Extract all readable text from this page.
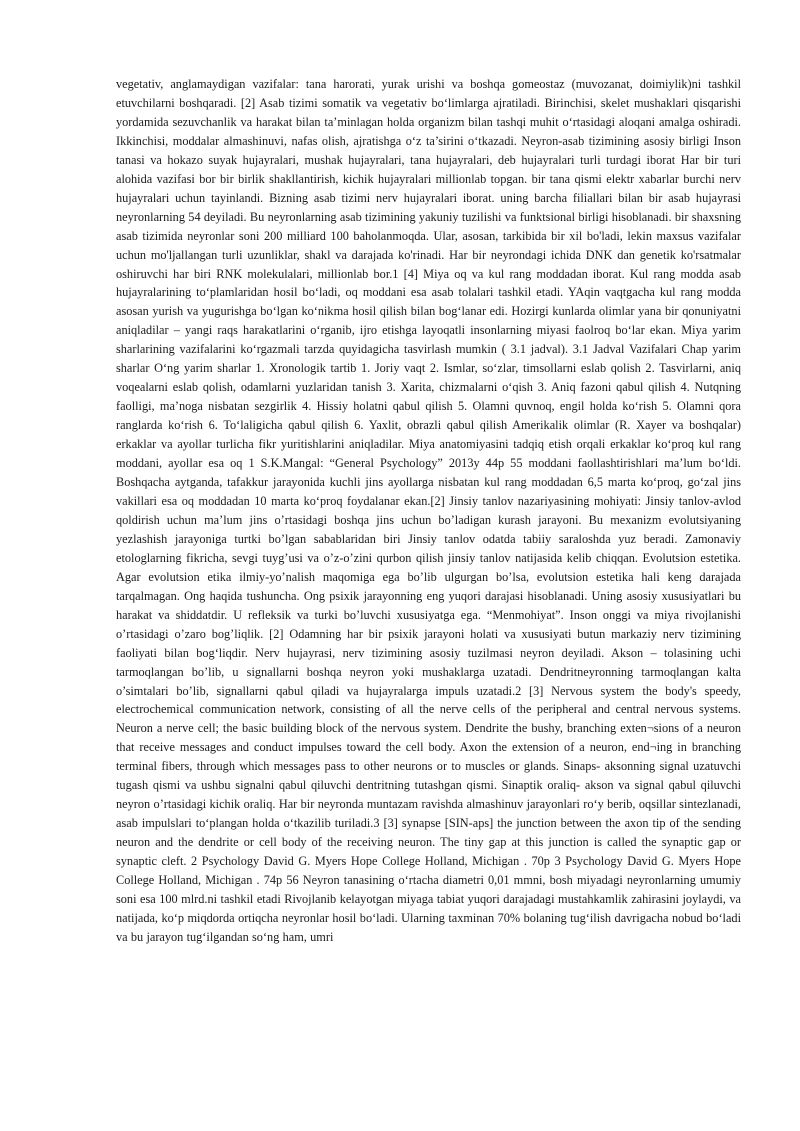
vegetativ, anglamaydigan vazifalar: tana harorati, yurak urishi va boshqa gomeostaz (muvozanat, doimiylik)ni tashkil etuvchilarni boshqaradi. [2] Asab tizimi somatik va vegetativ bo‘limlarga ajratiladi. Birinchisi, skelet mushaklari qisqarishi yordamida sezuvchanlik va harakat bilan ta’minlagan holda organizm bilan tashqi muhit o‘rtasidagi aloqani amalga oshiradi. Ikkinchisi, moddalar almashinuvi, nafas olish, ajratishga o‘z ta’sirini o‘tkazadi. Neyron-asab tizimining asosiy birligi Inson tanasi va hokazo suyak hujayralari, mushak hujayralari, tana hujayralari, deb hujayralari turli turdagi iborat Har bir turi alohida vazifasi bor bir birlik shakllantirish, kichik hujayralari millionlab topgan. bir tana qismi elektr xabarlar burchi nerv hujayralari uchun tayinlandi. Bizning asab tizimi nerv hujayralari iborat. uning barcha filiallari bilan bir asab hujayrasi neyronlarning 54 deyiladi. Bu neyronlarning asab tizimining yakuniy tuzilishi va funktsional birligi hisoblanadi. bir shaxsning asab tizimida neyronlar soni 200 milliard 100 baholanmoqda. Ular, asosan, tarkibida bir xil bo'ladi, lekin maxsus vazifalar uchun mo'ljallangan turli uzunliklar, shakl va darajada ko'rinadi. Har bir neyrondagi ichida DNK dan genetik ko'rsatmalar oshiruvchi har biri RNK molekulalari, millionlab bor.1 [4] Miya oq va kul rang moddadan iborat. Kul rang modda asab hujayralarining to‘plamlaridan hosil bo‘ladi, oq moddani esa asab tolalari tashkil etadi. YAqin vaqtgacha kul rang modda asosan yurish va yugurishga bo‘lgan ko‘nikma hosil qilish bilan bog‘lanar edi. Hozirgi kunlarda olimlar yana bir qonuniyatni aniqladilar – yangi raqs harakatlarini o‘rganib, ijro etishga layoqatli insonlarning miyasi faolroq bo‘lar ekan. Miya yarim sharlarining vazifalarini ko‘rgazmali tarzda quyidagicha tasvirlash mumkin ( 3.1 jadval). 3.1 Jadval Vazifalari Chap yarim sharlar O‘ng yarim sharlar 1. Xronologik tartib 1. Joriy vaqt 2. Ismlar, so‘zlar, timsollarni eslab qolish 2. Tasvirlarni, aniq voqealarni eslab qolish, odamlarni yuzlaridan tanish 3. Xarita, chizmalarni o‘qish 3. Aniq fazoni qabul qilish 4. Nutqning faolligi, ma’noga nisbatan sezgirlik 4. Hissiy holatni qabul qilish 5. Olamni quvnoq, engil holda ko‘rish 5. Olamni qora ranglarda ko‘rish 6. To‘laligicha qabul qilish 6. Yaxlit, obrazli qabul qilish Amerikalik olimlar (R. Xayer va boshqalar) erkaklar va ayollar turlicha fikr yuritishlarini aniqladilar. Miya anatomiyasini tadqiq etish orqali erkaklar ko‘proq kul rang moddani, ayollar esa oq 1 S.K.Mangal: “General Psychology” 2013y 44p 55 moddani faollashtirishlari ma’lum bo‘ldi. Boshqacha aytganda, tafakkur jarayonida kuchli jins ayollarga nisbatan kul rang moddadan 6,5 marta ko‘proq, go‘zal jins vakillari esa oq moddadan 10 marta ko‘proq foydalanar ekan.[2] Jinsiy tanlov nazariyasining mohiyati: Jinsiy tanlov-avlod qoldirish uchun ma’lum jins o’rtasidagi boshqa jins uchun bo’ladigan kurash jarayoni. Bu mexanizm evolutsiyaning yezlashish jarayoniga turtki bo’lgan sabablaridan biri Jinsiy tanlov odatda tabiiy saraloshda yuz beradi. Zamonaviy etologlarning fikricha, sevgi tuyg’usi va o’z-o’zini qurbon qilish jinsiy tanlov natijasida kelib chiqqan. Evolutsion estetika. Agar evolutsion etika ilmiy-yo’nalish maqomiga ega bo’lib ulgurgan bo’lsa, evolutsion estetika hali keng darajada tarqalmagan. Ong haqida tushuncha. Ong psixik jarayonning eng yuqori darajasi hisoblanadi. Uning asosiy xususiyatlari bu harakat va shiddatdir. U refleksik va turki bo’luvchi xususiyatga ega. “Menmohiyat”. Inson onggi va miya rivojlanishi o’rtasidagi o’zaro bog’liqlik. [2] Odamning har bir psixik jarayoni holati va xususiyati butun markaziy nerv tizimining faoliyati bilan bog‘liqdir. Nerv hujayrasi, nerv tizimining asosiy tuzilmasi neyron deyiladi. Akson – tolasining uchi tarmoqlangan bo’lib, u signallarni boshqa neyron yoki mushaklarga uzatadi. Dendritneyronning tarmoqlangan kalta o’simtalari bo’lib, signallarni qabul qiladi va hujayralarga impuls uzatadi.2 [3] Nervous system the body's speedy, electrochemical communication network, consisting of all the nerve cells of the peripheral and central nervous systems. Neuron a nerve cell; the basic building block of the nervous system. Dendrite the bushy, branching exten¬sions of a neuron that receive messages and conduct impulses toward the cell body. Axon the extension of a neuron, end¬ing in branching terminal fibers, through which messages pass to other neurons or to muscles or glands. Sinaps- aksonning signal uzatuvchi tugash qismi va ushbu signalni qabul qiluvchi dentritning tutashgan qismi. Sinaptik oraliq- akson va signal qabul qiluvchi neyron o’rtasidagi kichik oraliq. Har bir neyronda muntazam ravishda almashinuv jarayonlari ro‘y berib, oqsillar sintezlanadi, asab impulslari to‘plangan holda o‘tkazilib turiladi.3 [3] synapse [SIN-aps] the junction between the axon tip of the sending neuron and the dendrite or cell body of the receiving neuron. The tiny gap at this junction is called the synaptic gap or synaptic cleft. 2 Psychology David G. Myers Hope College Holland, Michigan . 70p 3 Psychology David G. Myers Hope College Holland, Michigan . 74p 56 Neyron tanasining o‘rtacha diametri 0,01 mmni, bosh miyadagi neyronlarning umumiy soni esa 100 mlrd.ni tashkil etadi Rivojlanib kelayotgan miyaga tabiat yuqori darajadagi mustahkamlik zahirasini joylaydi, va natijada, ko‘p miqdorda ortiqcha neyronlar hosil bo‘ladi. Ularning taxminan 70% bolaning tug‘ilish davrigacha nobud bo‘ladi va bu jarayon tug‘ilgandan so‘ng ham, umri
